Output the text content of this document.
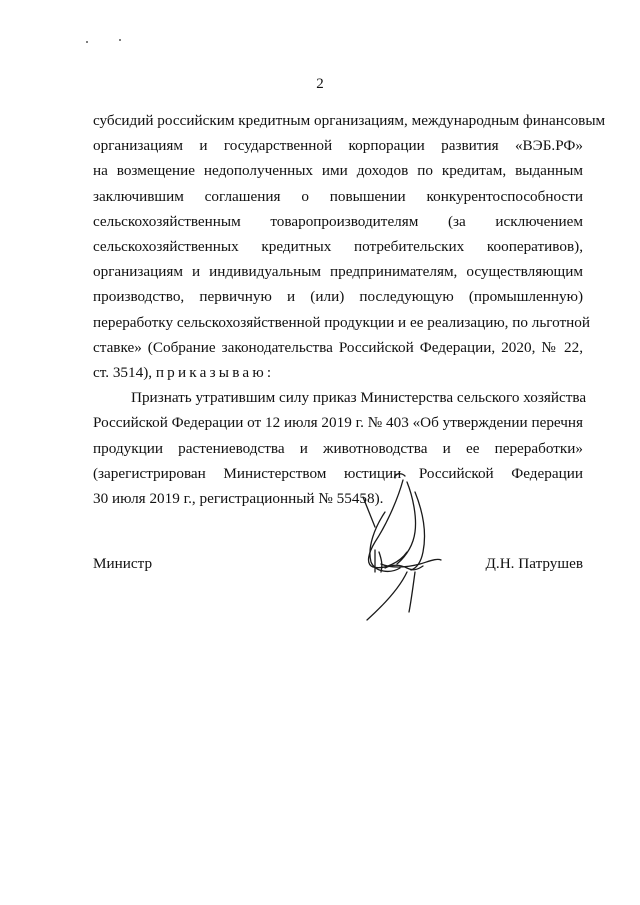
2

субсидий российским кредитным организациям, международным финансовым
организациям и государственной корпорации развития «ВЭБ.РФ»
на возмещение недополученных ими доходов по кредитам, выданным
заключившим соглашения о повышении конкурентоспособности
сельскохозяйственным товаропроизводителям (за исключением
сельскохозяйственных кредитных потребительских кооперативов),
организациям и индивидуальным предпринимателям, осуществляющим
производство, первичную и (или) последующую (промышленную)
переработку сельскохозяйственной продукции и ее реализацию, по льготной
ставке» (Собрание законодательства Российской Федерации, 2020, № 22,
ст. 3514), приказываю:

Признать утратившим силу приказ Министерства сельского хозяйства
Российской Федерации от 12 июля 2019 г. № 403 «Об утверждении перечня
продукции растениеводства и животноводства и ее переработки»
(зарегистрирован Министерством юстиции Российской Федерации
30 июля 2019 г., регистрационный № 55458).

Министр	Д.Н. Патрушев
